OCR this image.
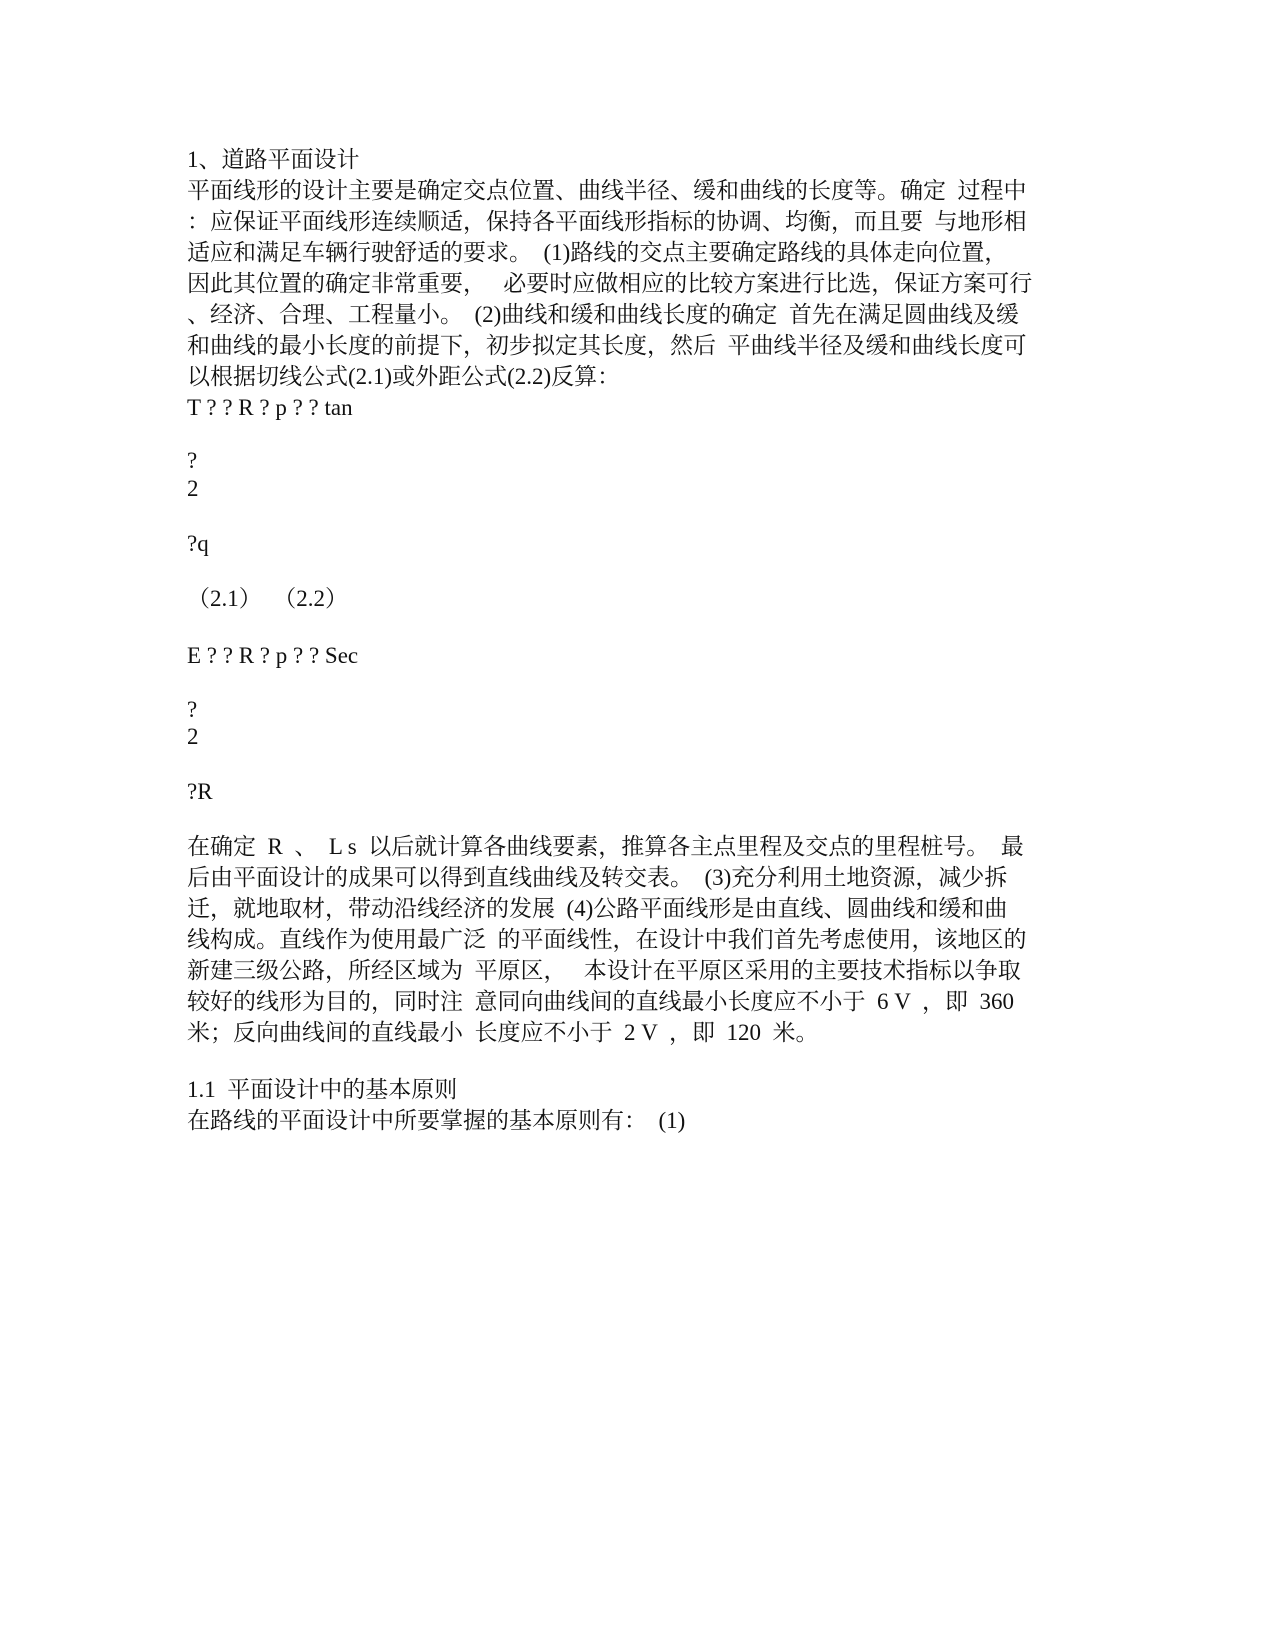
1、道路平面设计

平面线形的设计主要是确定交点位置、曲线半径、缓和曲线的长度等。确定  过程中

：应保证平面线形连续顺适，保持各平面线形指标的协调、均衡，而且要  与地形相

适应和满足车辆行驶舒适的要求。  (1)路线的交点主要确定路线的具体走向位置，

因此其位置的确定非常重要，   必要时应做相应的比较方案进行比选，保证方案可行

、经济、合理、工程量小。  (2)曲线和缓和曲线长度的确定  首先在满足圆曲线及缓

和曲线的最小长度的前提下，初步拟定其长度，然后  平曲线半径及缓和曲线长度可

以根据切线公式(2.1)或外距公式(2.2)反算：

T ? ? R ? p ? ? tan

?

2

?q

（2.1）  （2.2）

E ? ? R ? p ? ? Sec

?

2

?R

在确定  R  、  L s  以后就计算各曲线要素，推算各主点里程及交点的里程桩号。  最

后由平面设计的成果可以得到直线曲线及转交表。  (3)充分利用土地资源，减少拆

迁，就地取材，带动沿线经济的发展  (4)公路平面线形是由直线、圆曲线和缓和曲

线构成。直线作为使用最广泛  的平面线性，在设计中我们首先考虑使用，该地区的

新建三级公路，所经区域为  平原区，   本设计在平原区采用的主要技术指标以争取

较好的线形为目的，同时注  意同向曲线间的直线最小长度应不小于  6 V  ，即  360

米；反向曲线间的直线最小  长度应不小于  2 V  ，即  120  米。

1.1  平面设计中的基本原则

在路线的平面设计中所要掌握的基本原则有：  (1)
